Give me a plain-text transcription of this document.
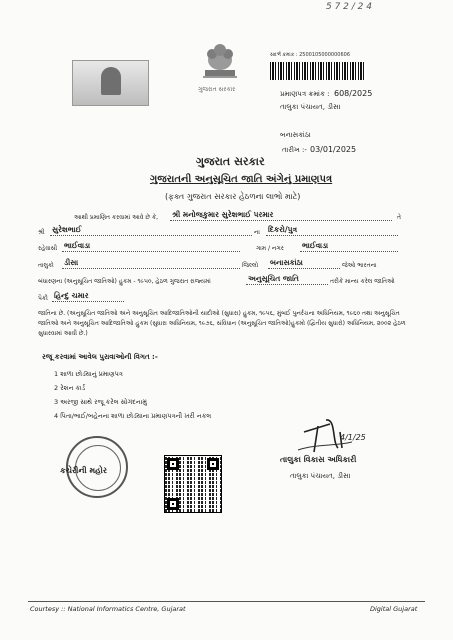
5 7 2 / 2 4
ગુજરાત સરકાર
સંદર્ભ ક્રમાંક : 2500105000000606
પ્રમાણપત્ર ક્રમાંક : 608/2025
તાલુકા પંચાયત, ડીસા
બનાસકાંઠા
તારીખ :- 03/01/2025
ગુજરાત સરકાર
ગુજરાતની અનુસૂચિત જાતિ અંગેનું પ્રમાણપત્ર
(ફક્ત ગુજરાત સરકાર હેઠળના લાભો માટે)
આથી પ્રમાણિત કરવામાં આવે છે કે, શ્રી મનોજકુમાર સુરેશભાઈ પરમાર	તે
શ્રી સુરેશભાઈ	ના દિકરો/પુત્ર
રહેવાસી ભાઈવાડા	ગામ / નગર ભાઈવાડા
તાલુકો ડીસા	જિલ્લો બનાસકાંઠા	જેઓ ભારતના
બંધારણના (અનુસૂચિત જાતિઓ) હુકમ - ૧૯૫૦, હેઠળ ગુજરાત રાજ્યમાં	અનુસૂચિત જાતિ	તરીકે માન્ય કરેલ જાતિઓ
પૈકી હિન્દુ ચમાર
જાતિના છે. (અનુસૂચિત જાતિઓ અને અનુસૂચિત આદિજાતિઓની યાદીઓ (સુધારા) હુકમ, ૧૯૫૬, મુંબઈ પુનર્રચના અધિનિયમ, ૧૯૬૦ તથા અનુસૂચિત જાતિઓ અને અનુસૂચિત આદિજાતિઓ હુકમ (સુધારા અધિનિયમ, ૧૯૭૬, સંવિધાન (અનુસૂચિત જાતિઓ)હુકમો (દ્વિતીય સુધારો) અધિનિયમ, ૨૦૦૨ હેઠળ સુધારવામાં આવી છે.)
રજૂ કરવામાં આવેલ પુરાવાઓની વિગત :-
1 શાળા છોડ્યાનું પ્રમાણપત્ર
2 રેશન કાર્ડ
3 અરજી સાથે રજૂ કરેલ સોગંદનામું
4 પિતા/ભાઈ/બહેનના શાળા છોડ્યાના પ્રમાણપત્રની ખરી નકલ
કચેરીની મહોર
4/1/25
તાલુકા વિકાસ અધિકારી
તાલુકા પંચાયત, ડીસા
Courtesy :: National Informatics Centre, Gujarat	Digital Gujarat
